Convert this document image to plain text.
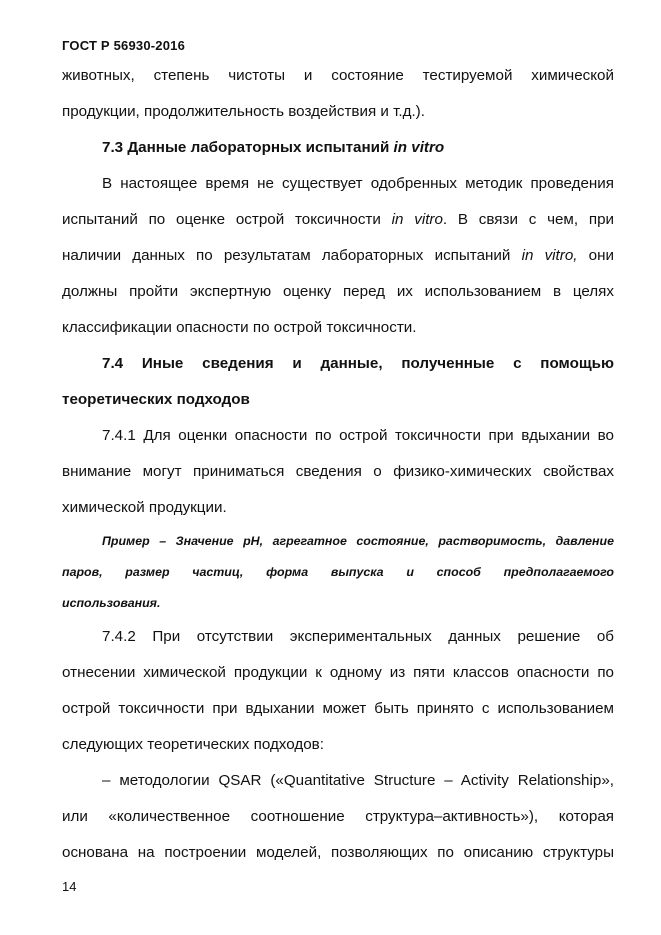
ГОСТ Р 56930-2016
животных, степень чистоты и состояние тестируемой химической
продукции, продолжительность воздействия и т.д.).
7.3 Данные лабораторных испытаний in vitro
В настоящее время не существует одобренных методик проведения
испытаний по оценке острой токсичности in vitro. В связи с чем, при
наличии данных по результатам лабораторных испытаний in vitro, они
должны пройти экспертную оценку перед их использованием в целях
классификации опасности по острой токсичности.
7.4 Иные сведения и данные, полученные с помощью
теоретических подходов
7.4.1 Для оценки опасности по острой токсичности при вдыхании во
внимание могут приниматься сведения о физико-химических свойствах
химической продукции.
Пример – Значение pH, агрегатное состояние, растворимость, давление
паров, размер частиц, форма выпуска и способ предполагаемого
использования.
7.4.2 При отсутствии экспериментальных данных решение об
отнесении химической продукции к одному из пяти классов опасности по
острой токсичности при вдыхании может быть принято с использованием
следующих теоретических подходов:
– методологии QSAR («Quantitative Structure – Activity Relationship»,
или «количественное соотношение структура–активность»), которая
основана на построении моделей, позволяющих по описанию структуры
14
